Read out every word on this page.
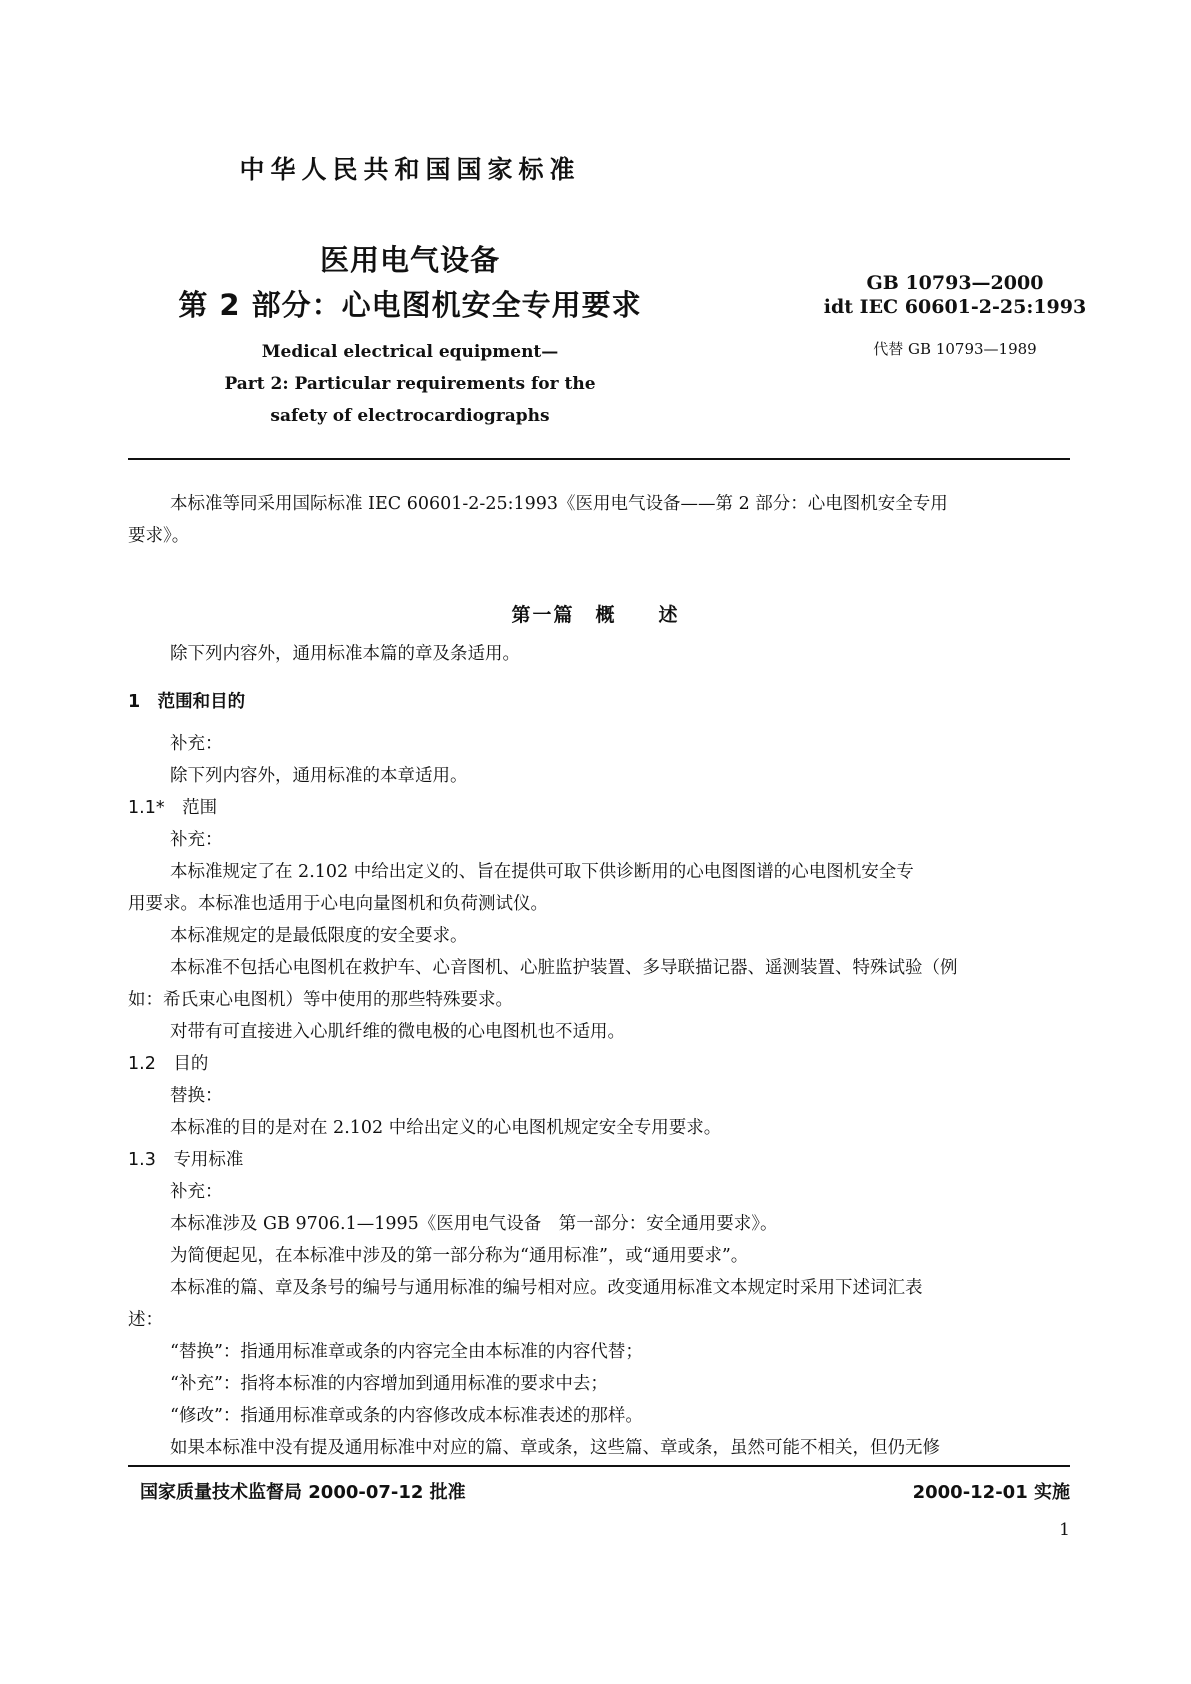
中华人民共和国国家标准
医用电气设备
第 2 部分：心电图机安全专用要求
Medical electrical equipment—
Part 2: Particular requirements for the
safety of electrocardiographs
GB 10793—2000
idt IEC 60601-2-25:1993
代替 GB 10793—1989
本标准等同采用国际标准 IEC 60601-2-25:1993《医用电气设备——第 2 部分：心电图机安全专用
要求》。
第一篇　概　　述
除下列内容外，通用标准本篇的章及条适用。
1　范围和目的
补充：
除下列内容外，通用标准的本章适用。
1.1*　范围
补充：
本标准规定了在 2.102 中给出定义的、旨在提供可取下供诊断用的心电图图谱的心电图机安全专
用要求。本标准也适用于心电向量图机和负荷测试仪。
本标准规定的是最低限度的安全要求。
本标准不包括心电图机在救护车、心音图机、心脏监护装置、多导联描记器、遥测装置、特殊试验（例
如：希氏束心电图机）等中使用的那些特殊要求。
对带有可直接进入心肌纤维的微电极的心电图机也不适用。
1.2　目的
替换：
本标准的目的是对在 2.102 中给出定义的心电图机规定安全专用要求。
1.3　专用标准
补充：
本标准涉及 GB 9706.1—1995《医用电气设备　第一部分：安全通用要求》。
为简便起见，在本标准中涉及的第一部分称为“通用标准”，或“通用要求”。
本标准的篇、章及条号的编号与通用标准的编号相对应。改变通用标准文本规定时采用下述词汇表
述：
“替换”：指通用标准章或条的内容完全由本标准的内容代替；
“补充”：指将本标准的内容增加到通用标准的要求中去；
“修改”：指通用标准章或条的内容修改成本标准表述的那样。
如果本标准中没有提及通用标准中对应的篇、章或条，这些篇、章或条，虽然可能不相关，但仍无修
国家质量技术监督局 2000-07-12 批准	2000-12-01 实施
1
